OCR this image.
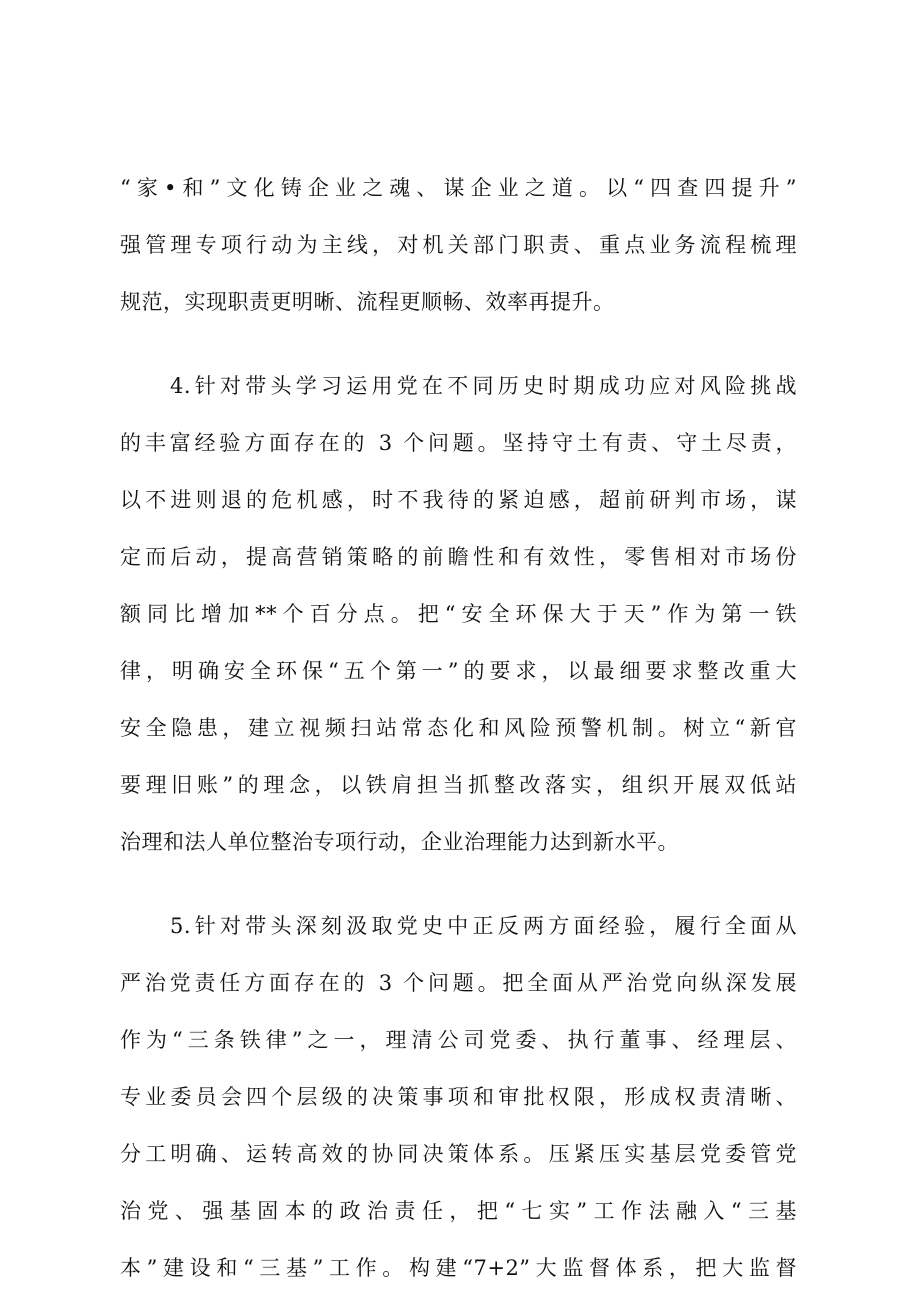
“家•和”文化铸企业之魂、谋企业之道。以“四查四提升”
强管理专项行动为主线，对机关部门职责、重点业务流程梳理
规范，实现职责更明晰、流程更顺畅、效率再提升。
4.针对带头学习运用党在不同历史时期成功应对风险挑战
的丰富经验方面存在的 3 个问题。坚持守土有责、守土尽责，
以不进则退的危机感，时不我待的紧迫感，超前研判市场，谋
定而后动，提高营销策略的前瞻性和有效性，零售相对市场份
额同比增加**个百分点。把“安全环保大于天”作为第一铁
律，明确安全环保“五个第一”的要求，以最细要求整改重大
安全隐患，建立视频扫站常态化和风险预警机制。树立“新官
要理旧账”的理念，以铁肩担当抓整改落实，组织开展双低站
治理和法人单位整治专项行动，企业治理能力达到新水平。
5.针对带头深刻汲取党史中正反两方面经验，履行全面从
严治党责任方面存在的 3 个问题。把全面从严治党向纵深发展
作为“三条铁律”之一，理清公司党委、执行董事、经理层、
专业委员会四个层级的决策事项和审批权限，形成权责清晰、
分工明确、运转高效的协同决策体系。压紧压实基层党委管党
治党、强基固本的政治责任，把“七实”工作法融入“三基
本”建设和“三基”工作。构建“7+2”大监督体系，把大监督
